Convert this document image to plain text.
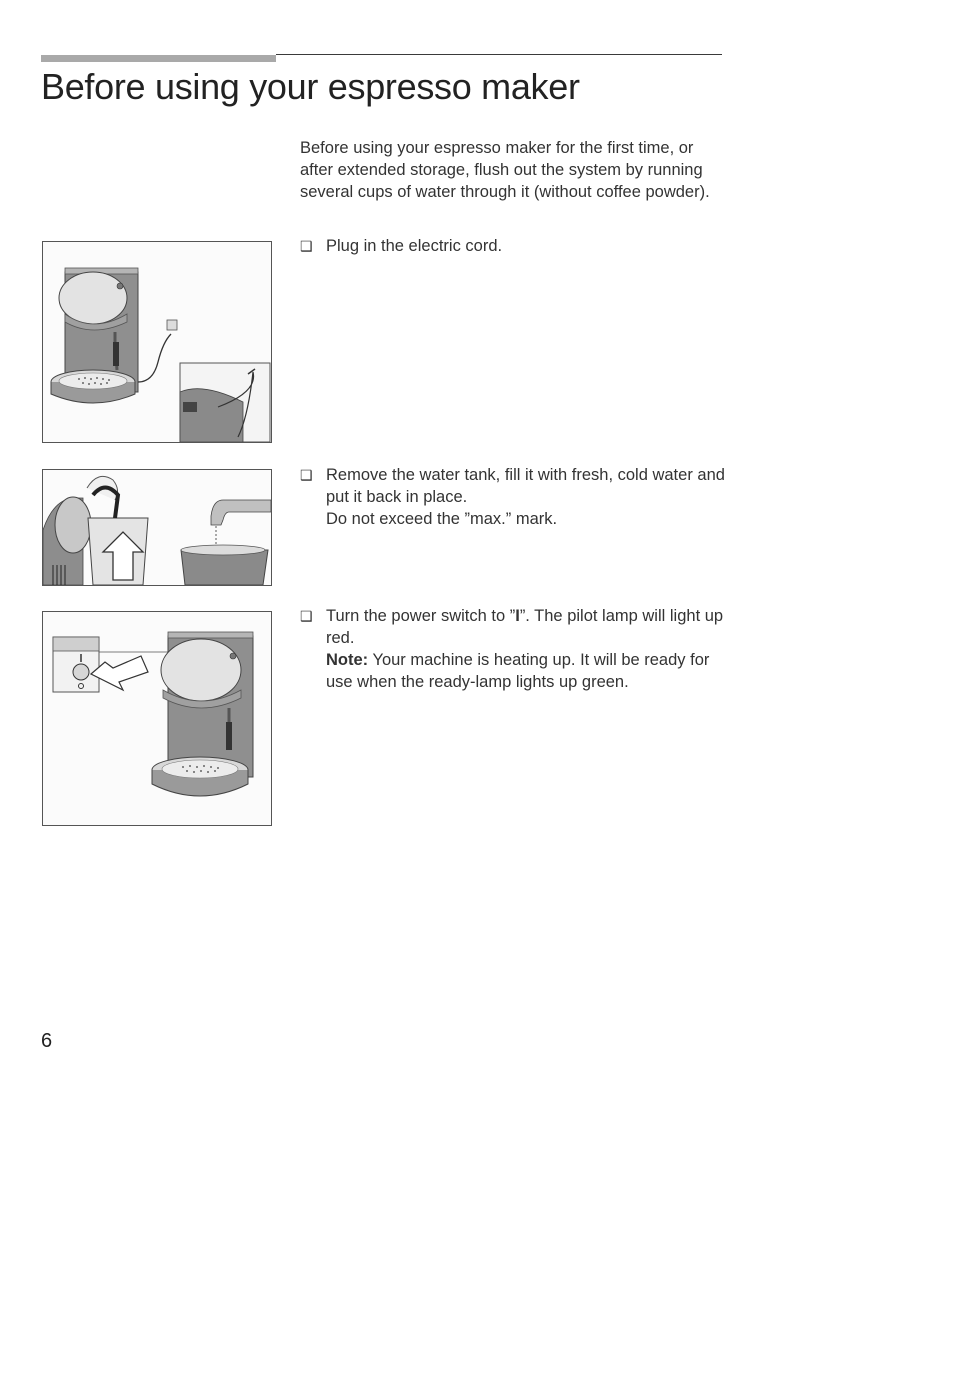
Before using your espresso maker
Before using your espresso maker for the first time, or after extended storage, flush out the system by running several cups of water through it (without coffee powder).
❑ Plug in the electric cord.
❑ Remove the water tank, fill it with fresh, cold water and put it back in place.
Do not exceed the ”max.” mark.
❑ Turn the power switch to ”I”. The pilot lamp will light up red.
Note: Your machine is heating up. It will be ready for use when the ready-lamp lights up green.
6
